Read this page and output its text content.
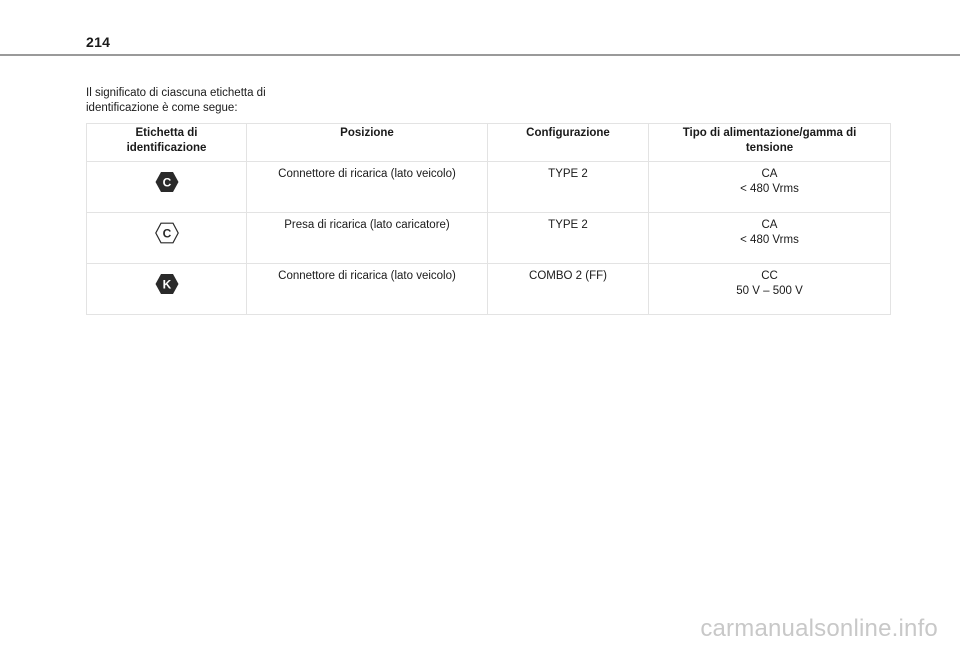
214
Il significato di ciascuna etichetta di identificazione è come segue:
Etichetta di
identificazione	Posizione	Configurazione	Tipo di alimentazione/gamma di
tensione

C	Connettore di ricarica (lato veicolo)	TYPE 2	CA
< 480 Vrms

C	Presa di ricarica (lato caricatore)	TYPE 2	CA
< 480 Vrms

K	Connettore di ricarica (lato veicolo)	COMBO 2 (FF)	CC
50 V – 500 V
carmanualsonline.info
